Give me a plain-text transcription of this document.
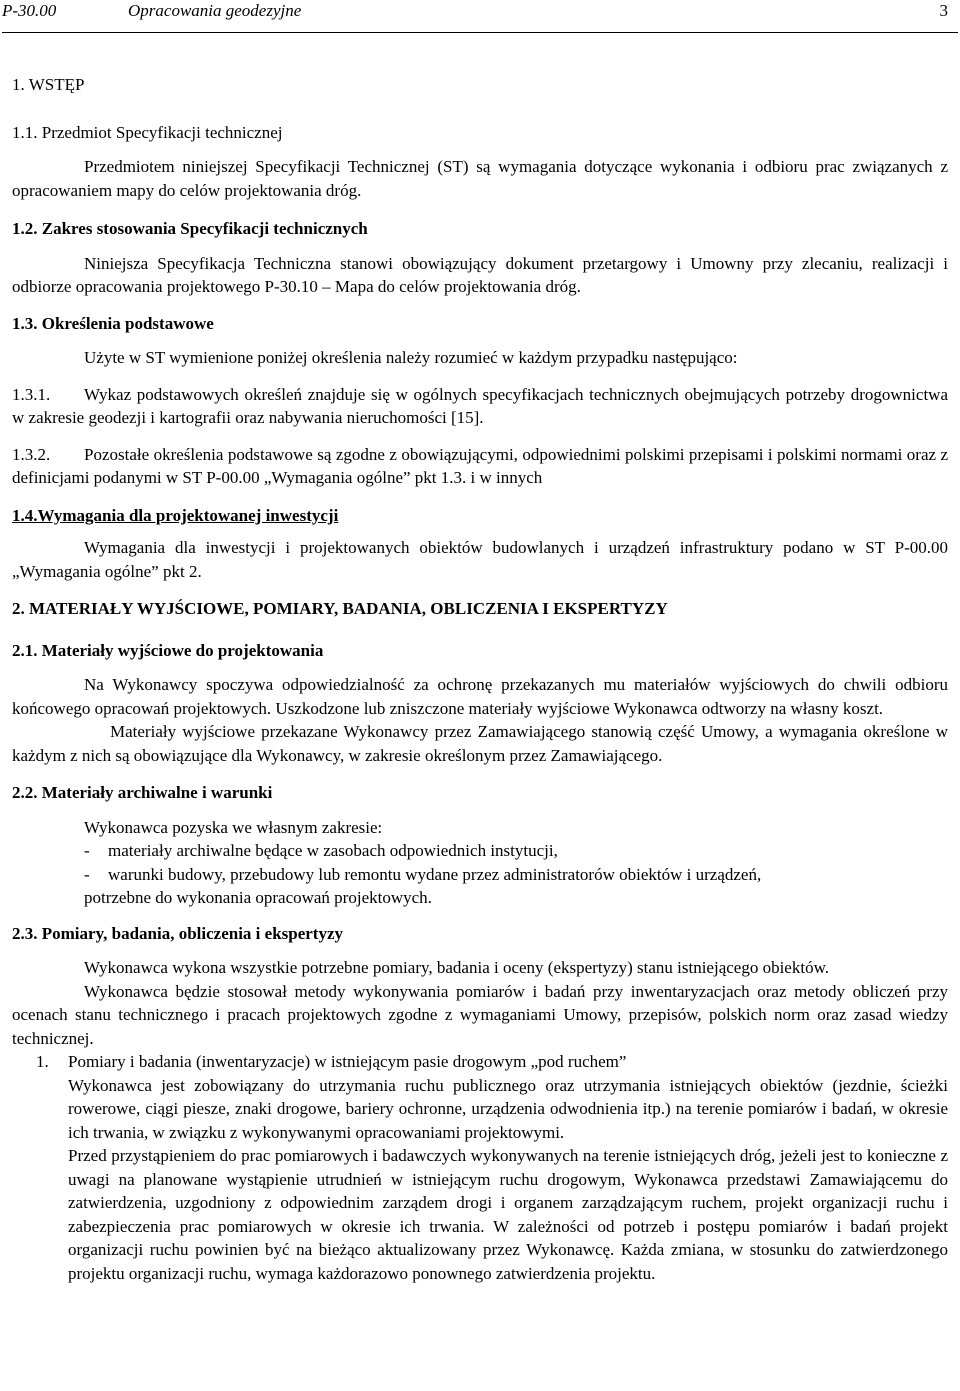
P-30.00	Opracowania geodezyjne	3

1. WSTĘP

1.1. Przedmiot Specyfikacji technicznej

Przedmiotem niniejszej Specyfikacji Technicznej (ST) są wymagania dotyczące wykonania i odbioru prac związanych z opracowaniem mapy do celów projektowania dróg.

1.2. Zakres stosowania Specyfikacji technicznych

Niniejsza Specyfikacja Techniczna stanowi obowiązujący dokument przetargowy i Umowny przy zlecaniu, realizacji i odbiorze opracowania projektowego P-30.10 – Mapa do celów projektowania dróg.

1.3. Określenia podstawowe

Użyte w ST wymienione poniżej określenia należy rozumieć w każdym przypadku następująco:

1.3.1. Wykaz podstawowych określeń znajduje się w ogólnych specyfikacjach technicznych obejmujących potrzeby drogownictwa w zakresie geodezji i kartografii oraz nabywania nieruchomości [15].

1.3.2. Pozostałe określenia podstawowe są zgodne z obowiązującymi, odpowiednimi polskimi przepisami i polskimi normami oraz z definicjami podanymi w ST P-00.00 „Wymagania ogólne” pkt 1.3. i w innych

1.4.Wymagania dla projektowanej inwestycji

Wymagania dla inwestycji i projektowanych obiektów budowlanych i urządzeń infrastruktury podano w ST P-00.00 „Wymagania ogólne” pkt 2.

2. MATERIAŁY WYJŚCIOWE, POMIARY, BADANIA, OBLICZENIA I EKSPERTYZY

2.1. Materiały wyjściowe do projektowania

Na Wykonawcy spoczywa odpowiedzialność za ochronę przekazanych mu materiałów wyjściowych do chwili odbioru końcowego opracowań projektowych. Uszkodzone lub zniszczone materiały wyjściowe Wykonawca odtworzy na własny koszt.

Materiały wyjściowe przekazane Wykonawcy przez Zamawiającego stanowią część Umowy, a wymagania określone w każdym z nich są obowiązujące dla Wykonawcy, w zakresie określonym przez Zamawiającego.

2.2. Materiały archiwalne i warunki

Wykonawca pozyska we własnym zakresie:

-	materiały archiwalne będące w zasobach odpowiednich instytucji,
-	warunki budowy, przebudowy lub remontu wydane przez administratorów obiektów i urządzeń,

potrzebne do wykonania opracowań projektowych.

2.3. Pomiary, badania, obliczenia i ekspertyzy

Wykonawca wykona wszystkie potrzebne pomiary, badania i oceny (ekspertyzy) stanu istniejącego obiektów.

Wykonawca będzie stosował metody wykonywania pomiarów i badań przy inwentaryzacjach oraz metody obliczeń przy ocenach stanu technicznego i pracach projektowych zgodne z wymaganiami Umowy, przepisów, polskich norm oraz zasad wiedzy technicznej.

1.	Pomiary i badania (inwentaryzacje) w istniejącym pasie drogowym „pod ruchem”

Wykonawca jest zobowiązany do utrzymania ruchu publicznego oraz utrzymania istniejących obiektów (jezdnie, ścieżki rowerowe, ciągi piesze, znaki drogowe, bariery ochronne, urządzenia odwodnienia itp.) na terenie pomiarów i badań, w okresie ich trwania, w związku z wykonywanymi opracowaniami projektowymi.

Przed przystąpieniem do prac pomiarowych i badawczych wykonywanych na terenie istniejących dróg, jeżeli jest to konieczne z uwagi na planowane wystąpienie utrudnień w istniejącym ruchu drogowym, Wykonawca przedstawi Zamawiającemu do zatwierdzenia, uzgodniony z odpowiednim zarządem drogi i organem zarządzającym ruchem, projekt organizacji ruchu i zabezpieczenia prac pomiarowych w okresie ich trwania. W zależności od potrzeb i postępu pomiarów i badań projekt organizacji ruchu powinien być na bieżąco aktualizowany przez Wykonawcę. Każda zmiana, w stosunku do zatwierdzonego projektu organizacji ruchu, wymaga każdorazowo ponownego zatwierdzenia projektu.
